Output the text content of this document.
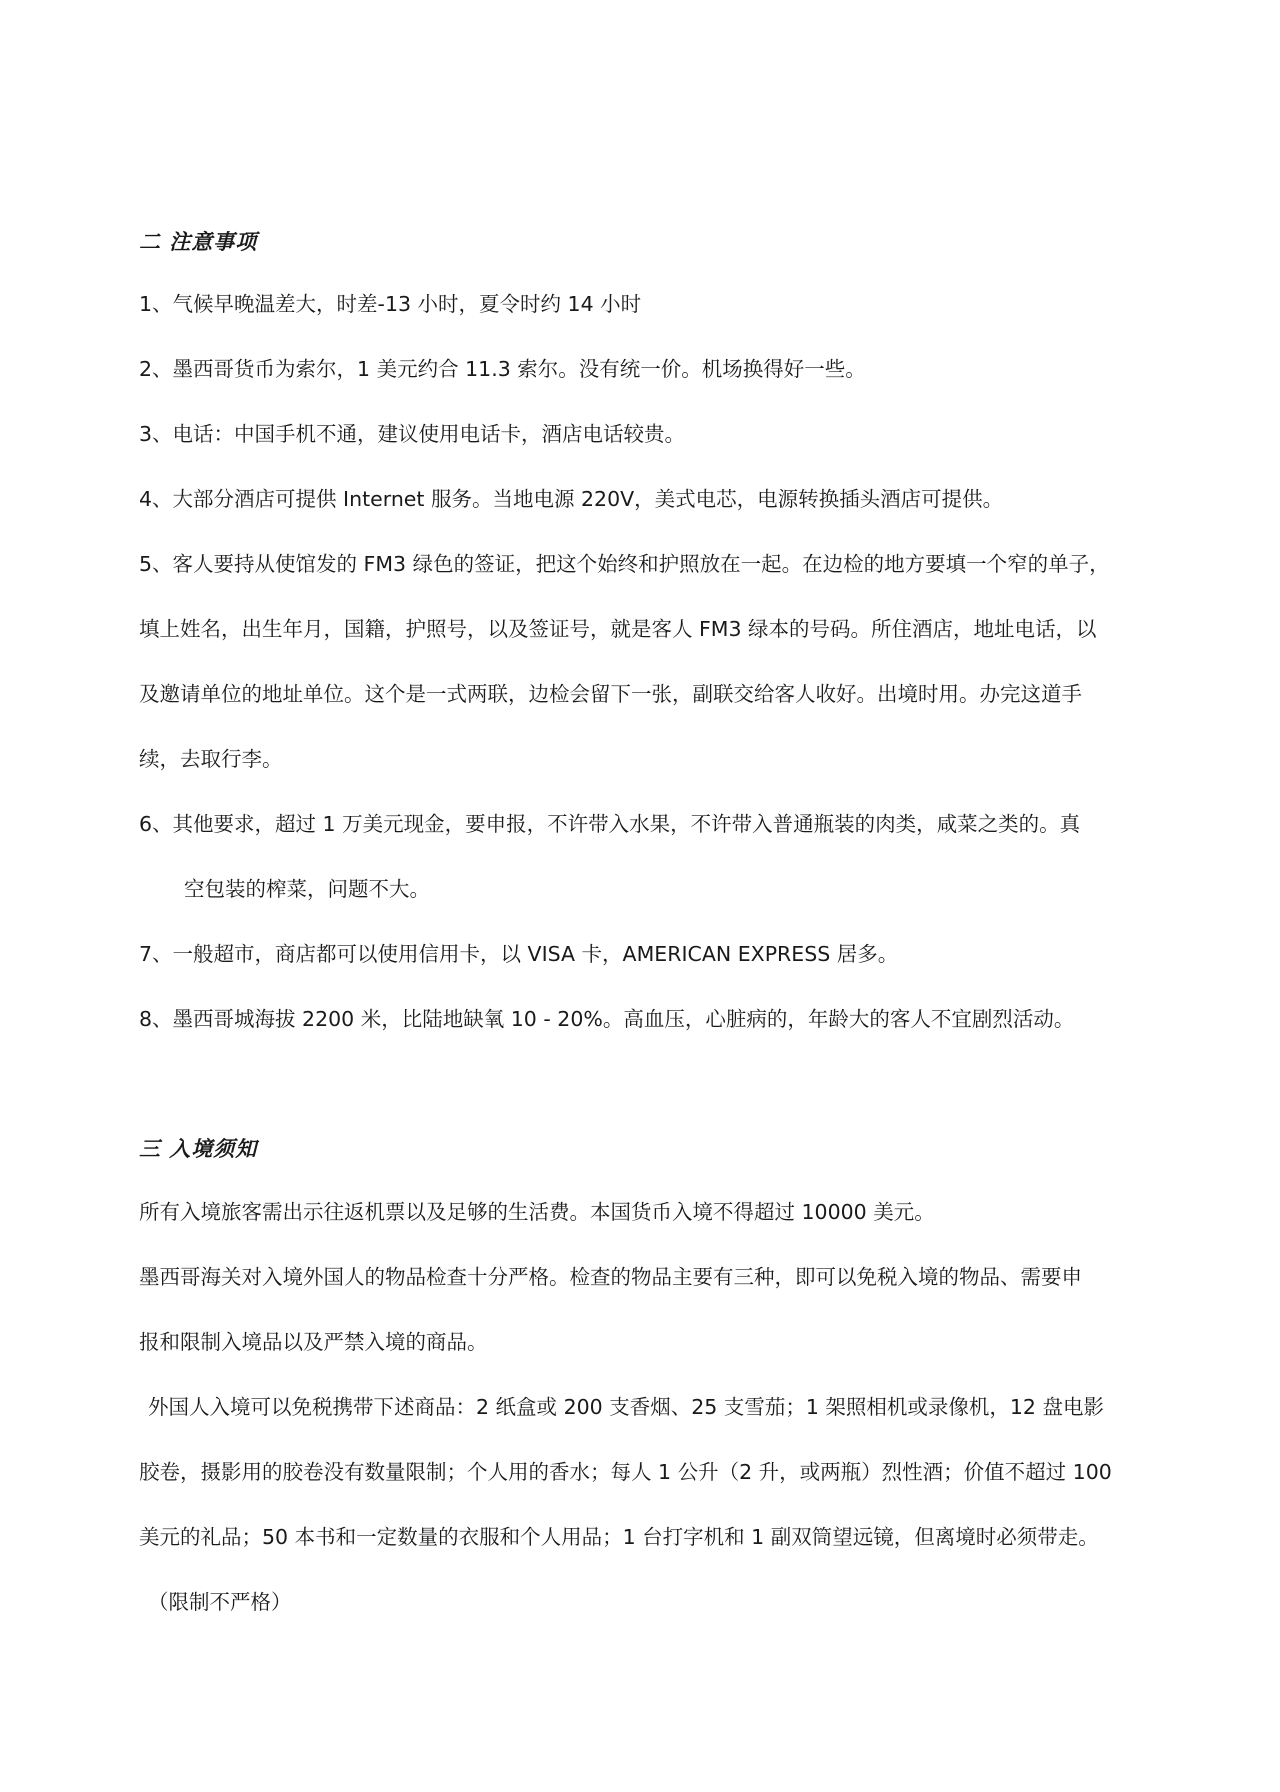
二 注意事项
1、气候早晚温差大，时差-13 小时，夏令时约 14 小时
2、墨西哥货币为索尔，1 美元约合 11.3 索尔。没有统一价。机场换得好一些。
3、电话：中国手机不通，建议使用电话卡，酒店电话较贵。
4、大部分酒店可提供 Internet 服务。当地电源 220V，美式电芯，电源转换插头酒店可提供。
5、客人要持从使馆发的 FM3 绿色的签证，把这个始终和护照放在一起。在边检的地方要填一个窄的单子，
填上姓名，出生年月，国籍，护照号，以及签证号，就是客人 FM3 绿本的号码。所住酒店，地址电话，以
及邀请单位的地址单位。这个是一式两联，边检会留下一张，副联交给客人收好。出境时用。办完这道手
续，去取行李。
6、其他要求，超过 1 万美元现金，要申报，不许带入水果，不许带入普通瓶装的肉类，咸菜之类的。真
空包装的榨菜，问题不大。
7、一般超市，商店都可以使用信用卡，以 VISA 卡，AMERICAN EXPRESS 居多。
8、墨西哥城海拔 2200 米，比陆地缺氧 10 - 20%。高血压，心脏病的，年龄大的客人不宜剧烈活动。
三 入境须知
所有入境旅客需出示往返机票以及足够的生活费。本国货币入境不得超过 10000 美元。
墨西哥海关对入境外国人的物品检查十分严格。检查的物品主要有三种，即可以免税入境的物品、需要申
报和限制入境品以及严禁入境的商品。
外国人入境可以免税携带下述商品：2 纸盒或 200 支香烟、25 支雪茄；1 架照相机或录像机，12 盘电影
胶卷，摄影用的胶卷没有数量限制；个人用的香水；每人 1 公升（2 升，或两瓶）烈性酒；价值不超过 100
美元的礼品；50 本书和一定数量的衣服和个人用品；1 台打字机和 1 副双筒望远镜，但离境时必须带走。
（限制不严格）
